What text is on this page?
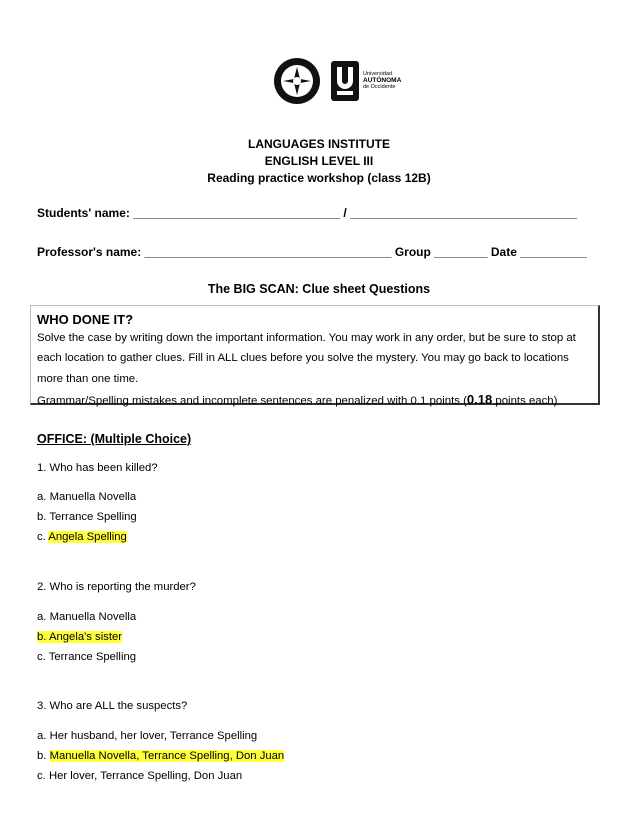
Universidad
AUTÓNOMA
de Occidente
LANGUAGES INSTITUTE
ENGLISH LEVEL III
Reading practice workshop (class 12B)
Students' name: _______________________________ / __________________________________
Professor's name: _____________________________________ Group ________ Date __________
The BIG SCAN: Clue sheet Questions
WHO DONE IT?
Solve the case by writing down the important information. You may work in any order, but be sure to stop at
each location to gather clues. Fill in ALL clues before you solve the mystery. You may go back to locations
more than one time.
Grammar/Spelling mistakes and incomplete sentences are penalized with 0.1 points (0.18 points each)
OFFICE: (Multiple Choice)
1. Who has been killed?
a. Manuella Novella
b. Terrance Spelling
c. Angela Spelling
2. Who is reporting the murder?
a. Manuella Novella
b. Angela's sister
c. Terrance Spelling
3. Who are ALL the suspects?
a. Her husband, her lover, Terrance Spelling
b. Manuella Novella, Terrance Spelling, Don Juan
c. Her lover, Terrance Spelling, Don Juan
